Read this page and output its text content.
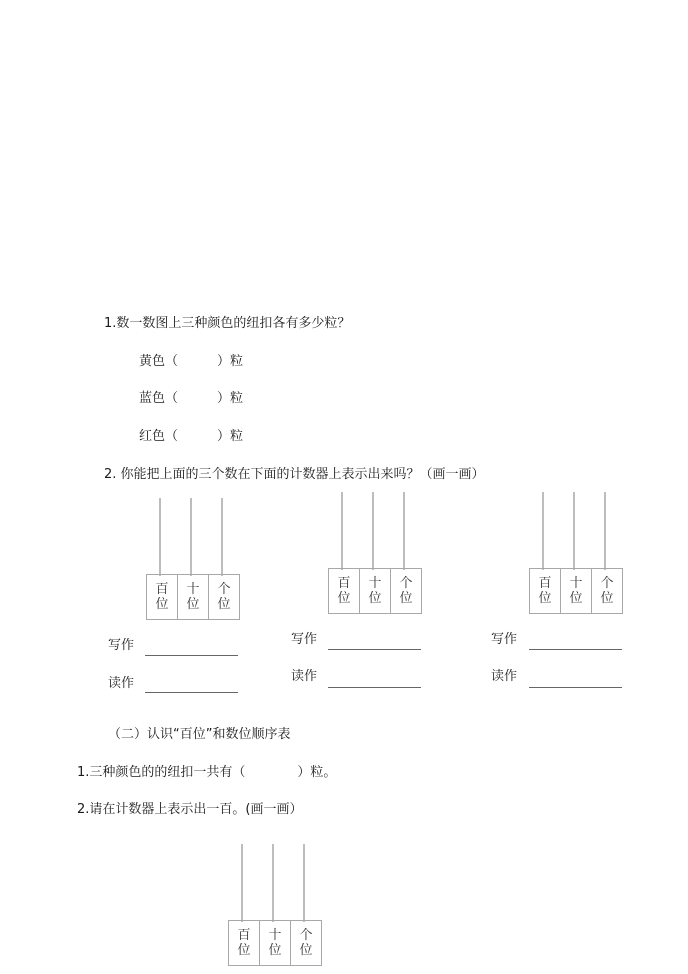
1.数一数图上三种颜色的纽扣各有多少粒？
黄色（　　　）粒
蓝色（　　　）粒
红色（　　　）粒
2. 你能把上面的三个数在下面的计数器上表示出来吗？（画一画）
百
位
十
位
个
位
写作
读作
百
位
十
位
个
位
写作
读作
百
位
十
位
个
位
写作
读作
（二）认识“百位”和数位顺序表
1.三种颜色的的纽扣一共有（　　　　）粒。
2.请在计数器上表示出一百。(画一画）
百
位
十
位
个
位
